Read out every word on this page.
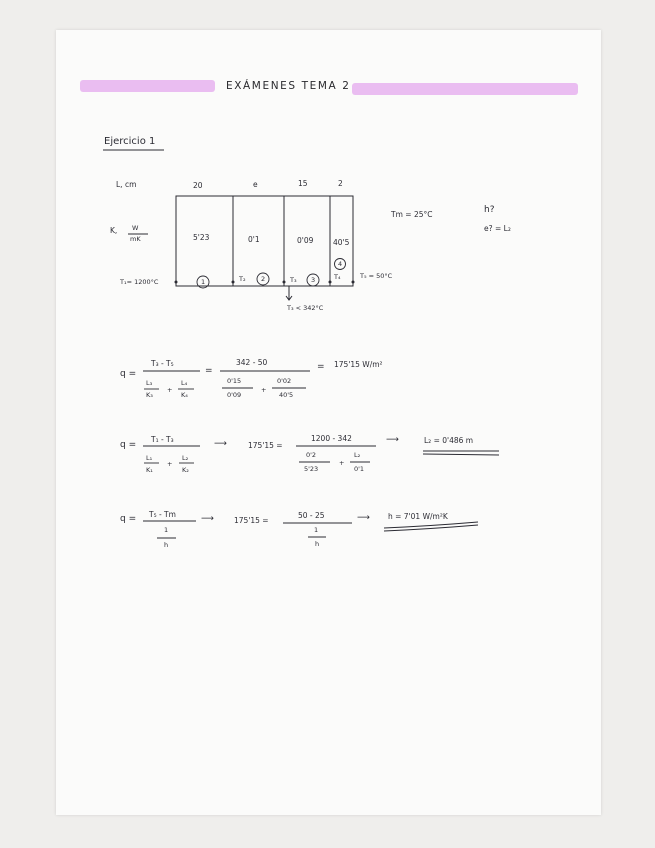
EXÁMENES TEMA 2
Ejercicio 1
L, cm
K, W
mK
20	e	15	2
5'23	0'1	0'09	40'5
1	2	3
4
T₁= 1200°C	T₂	T₃	T₄	T₅ = 50°C
T₃ < 342°C
Tm = 25°C	h?
e? = L₂
q =
T₃ - T₅
L₃
K₃
+
L₄
K₄
=
342 - 50
0'15
0'09
+
0'02
40'5
= 175'15 W/m²
q =
T₁ - T₃
L₁
K₁
+
L₂
K₂
⟶	175'15 =
1200 - 342
0'2
5'23
+
L₂
0'1
⟶	L₂ = 0'486 m
q = T₅ - Tm
1
h
⟶	175'15 =
50 - 25
1
h
⟶ h = 7'01 W/m²K
